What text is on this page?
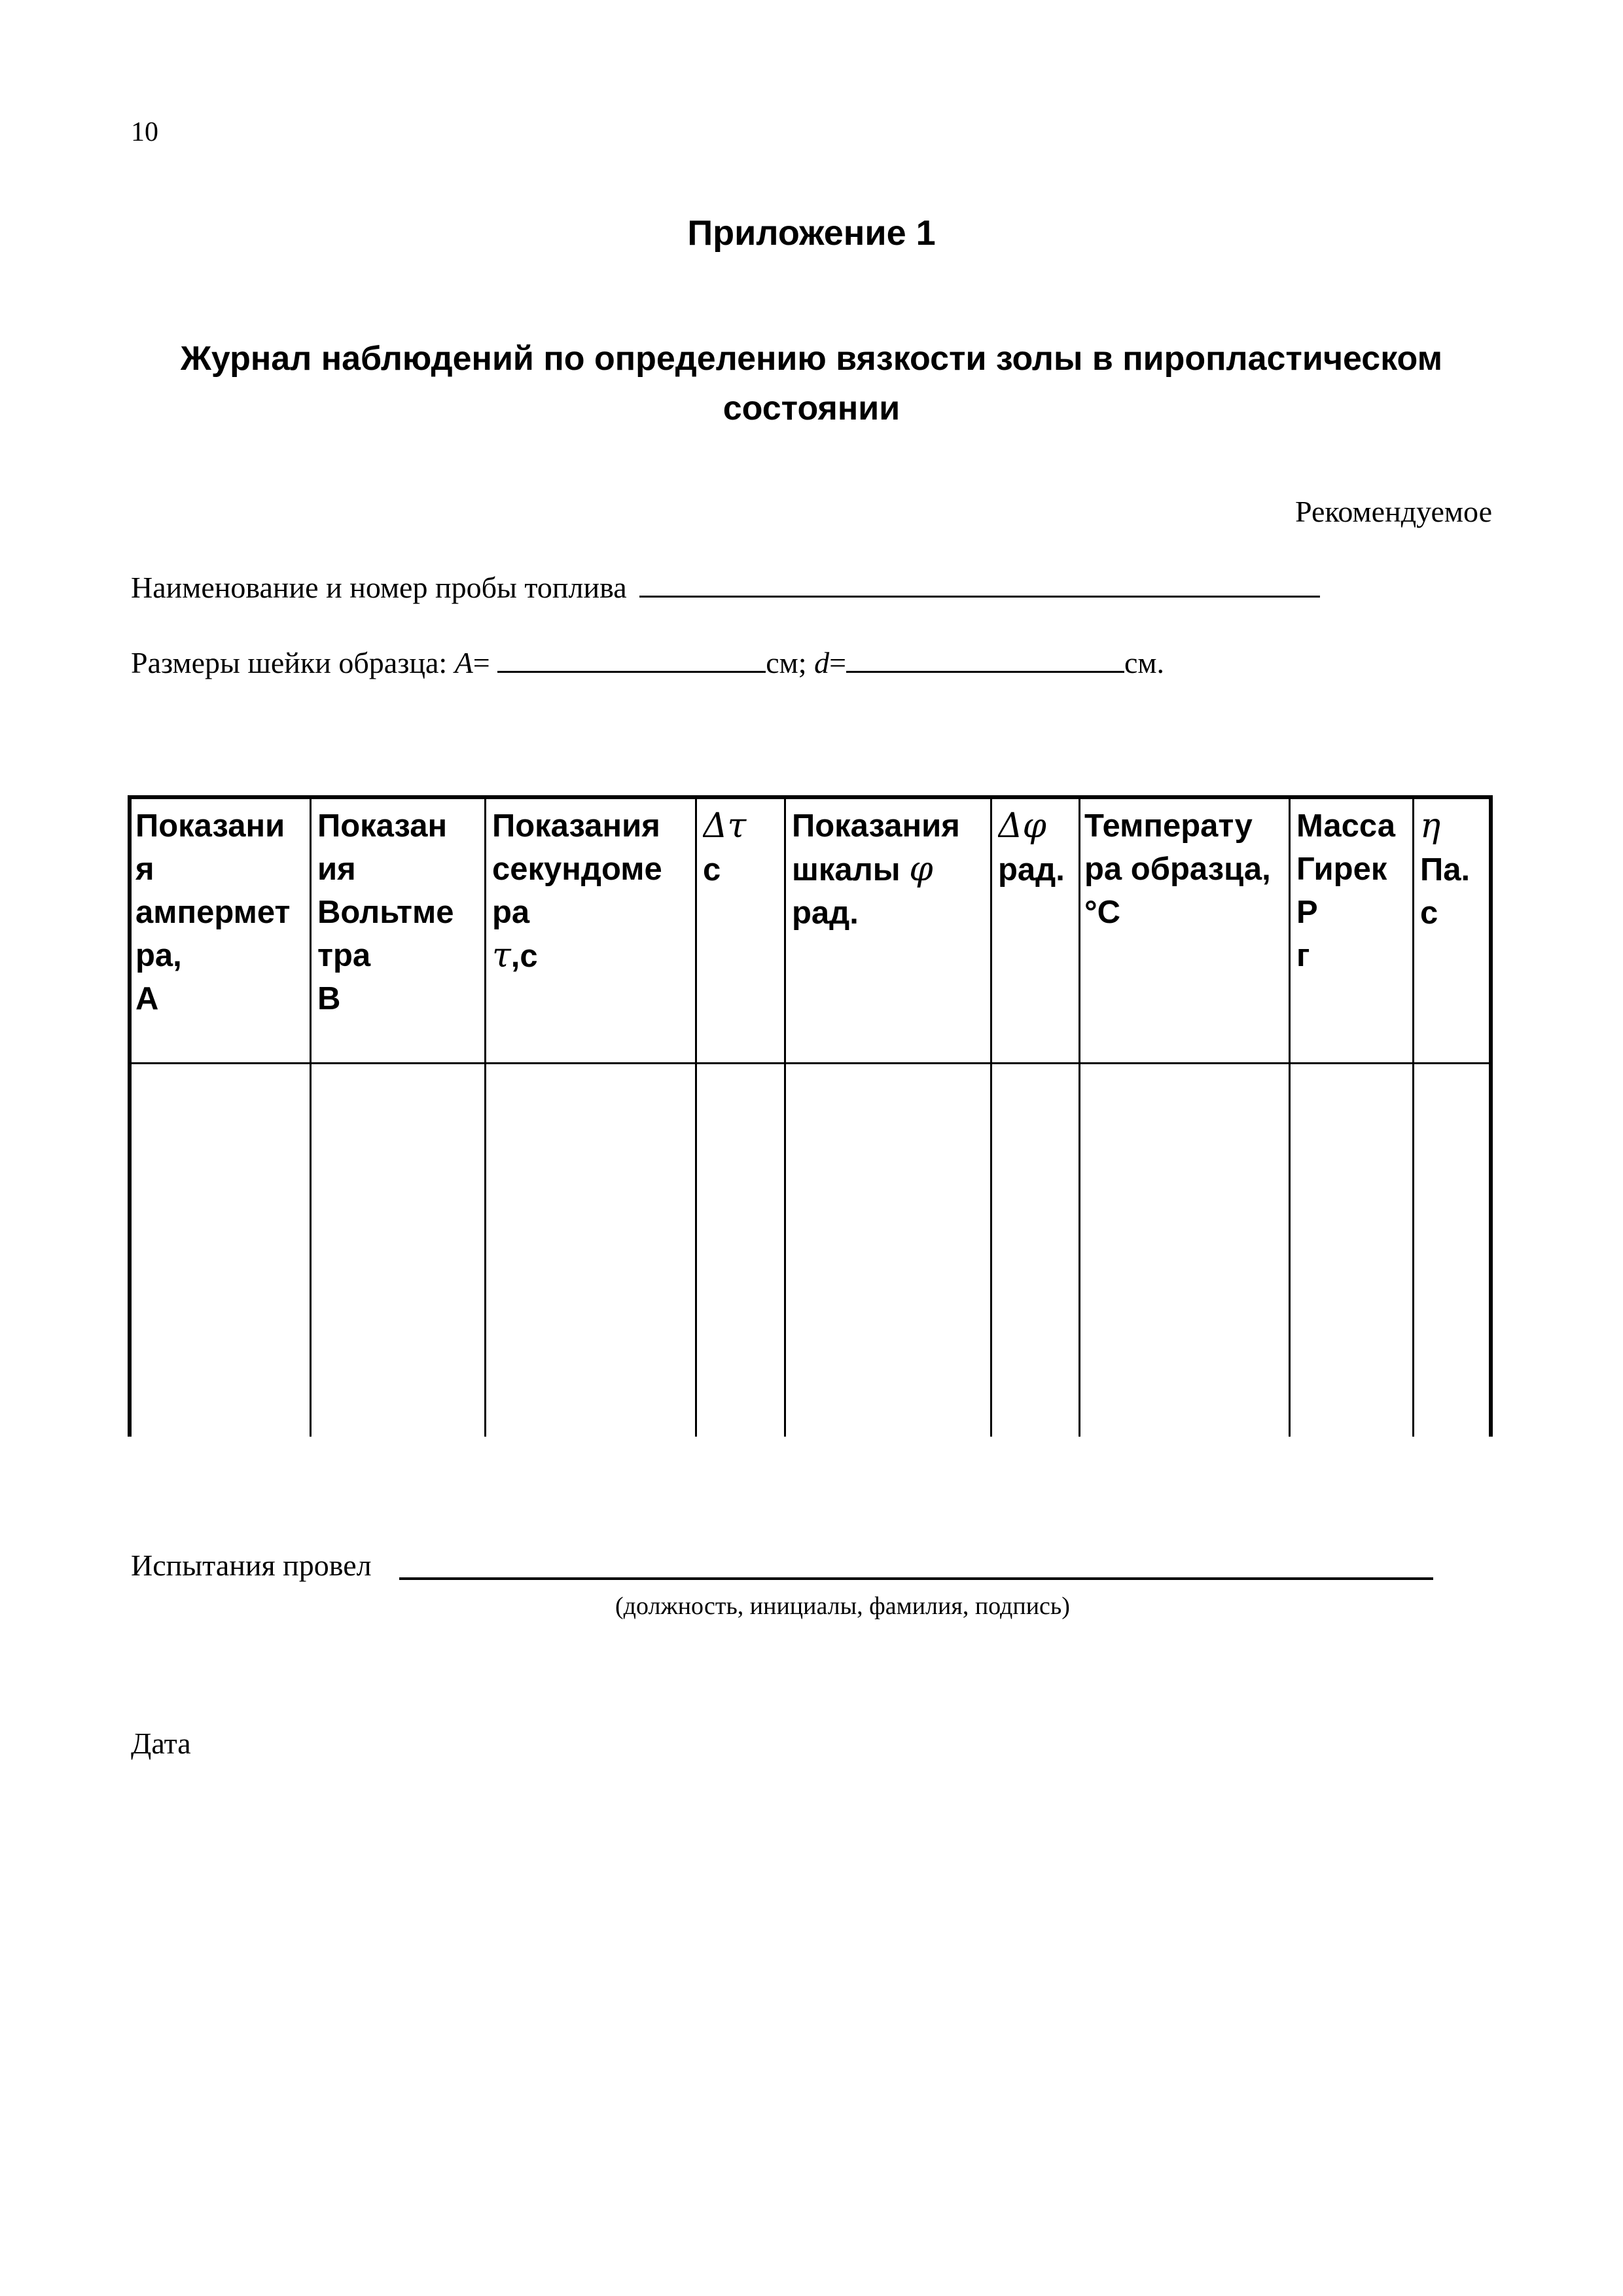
10
Приложение 1
Журнал наблюдений по определению вязкости золы в пиропластическом
состоянии
Рекомендуемое
Наименование и номер пробы топлива
Размеры шейки образца: A=	см; d=	см.
Показани
я
ампермет
ра,
А
Показан
ия
Вольтме
тра
В
Показания
секундоме
ра
τ,с
Δτ
с
Показания
шкалы φ
рад.
Δφ
рад.
Температу
ра образца,
°С
Масса
Гирек
Р
г
η
Па.
с
Испытания провел
(должность, инициалы, фамилия, подпись)
Дата
